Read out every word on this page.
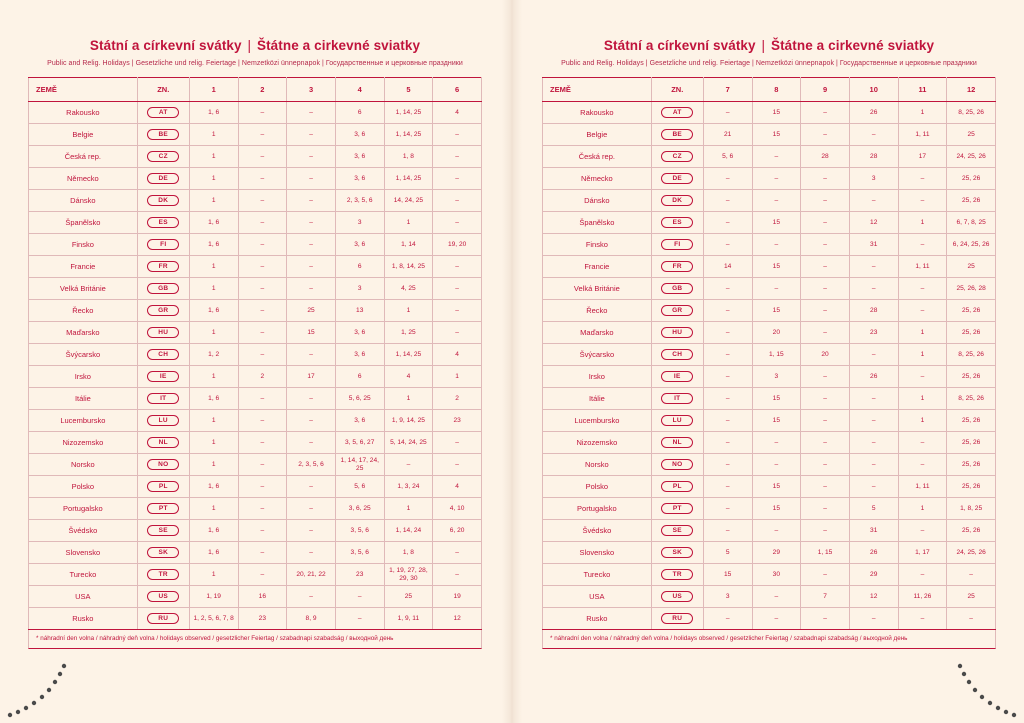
Státní a církevní svátky | Štátne a cirkevné sviatky
Public and Relig. Holidays | Gesetzliche und relig. Feiertage | Nemzetközi ünnepnapok | Государственные и церковные праздники
ZEMĚ	ZN.	1	2	3	4	5	6
Rakousko	AT	1, 6	–	–	6	1, 14, 25	4
Belgie	BE	1	–	–	3, 6	1, 14, 25	–
Česká rep.	CZ	1	–	–	3, 6	1, 8	–
Německo	DE	1	–	–	3, 6	1, 14, 25	–
Dánsko	DK	1	–	–	2, 3, 5, 6	14, 24, 25	–
Španělsko	ES	1, 6	–	–	3	1	–
Finsko	FI	1, 6	–	–	3, 6	1, 14	19, 20
Francie	FR	1	–	–	6	1, 8, 14, 25	–
Velká Británie	GB	1	–	–	3	4, 25	–
Řecko	GR	1, 6	–	25	13	1	–
Maďarsko	HU	1	–	15	3, 6	1, 25	–
Švýcarsko	CH	1, 2	–	–	3, 6	1, 14, 25	4
Irsko	IE	1	2	17	6	4	1
Itálie	IT	1, 6	–	–	5, 6, 25	1	2
Lucembursko	LU	1	–	–	3, 6	1, 9, 14, 25	23
Nizozemsko	NL	1	–	–	3, 5, 6, 27	5, 14, 24, 25	–
Norsko	NO	1	–	2, 3, 5, 6	1, 14, 17, 24, 25	–	–
Polsko	PL	1, 6	–	–	5, 6	1, 3, 24	4
Portugalsko	PT	1	–	–	3, 6, 25	1	4, 10
Švédsko	SE	1, 6	–	–	3, 5, 6	1, 14, 24	6, 20
Slovensko	SK	1, 6	–	–	3, 5, 6	1, 8	–
Turecko	TR	1	–	20, 21, 22	23	1, 19, 27, 28, 29, 30	–
USA	US	1, 19	16	–	–	25	19
Rusko	RU	1, 2, 5, 6, 7, 8	23	8, 9	–	1, 9, 11	12
* náhradní den volna / náhradný deň volna / holidays observed / gesetzlicher Feiertag / szabadnapi szabadság / выходной день
Státní a církevní svátky | Štátne a cirkevné sviatky
Public and Relig. Holidays | Gesetzliche und relig. Feiertage | Nemzetközi ünnepnapok | Государственные и церковные праздники
ZEMĚ	ZN.	7	8	9	10	11	12
Rakousko	AT	–	15	–	26	1	8, 25, 26
Belgie	BE	21	15	–	–	1, 11	25
Česká rep.	CZ	5, 6	–	28	28	17	24, 25, 26
Německo	DE	–	–	–	3	–	25, 26
Dánsko	DK	–	–	–	–	–	25, 26
Španělsko	ES	–	15	–	12	1	6, 7, 8, 25
Finsko	FI	–	–	–	31	–	6, 24, 25, 26
Francie	FR	14	15	–	–	1, 11	25
Velká Británie	GB	–	–	–	–	–	25, 26, 28
Řecko	GR	–	15	–	28	–	25, 26
Maďarsko	HU	–	20	–	23	1	25, 26
Švýcarsko	CH	–	1, 15	20	–	1	8, 25, 26
Irsko	IE	–	3	–	26	–	25, 26
Itálie	IT	–	15	–	–	1	8, 25, 26
Lucembursko	LU	–	15	–	–	1	25, 26
Nizozemsko	NL	–	–	–	–	–	25, 26
Norsko	NO	–	–	–	–	–	25, 26
Polsko	PL	–	15	–	–	1, 11	25, 26
Portugalsko	PT	–	15	–	5	1	1, 8, 25
Švédsko	SE	–	–	–	31	–	25, 26
Slovensko	SK	5	29	1, 15	26	1, 17	24, 25, 26
Turecko	TR	15	30	–	29	–	–
USA	US	3	–	7	12	11, 26	25
Rusko	RU	–	–	–	–	–	–
* náhradní den volna / náhradný deň volna / holidays observed / gesetzlicher Feiertag / szabadnapi szabadság / выходной день
